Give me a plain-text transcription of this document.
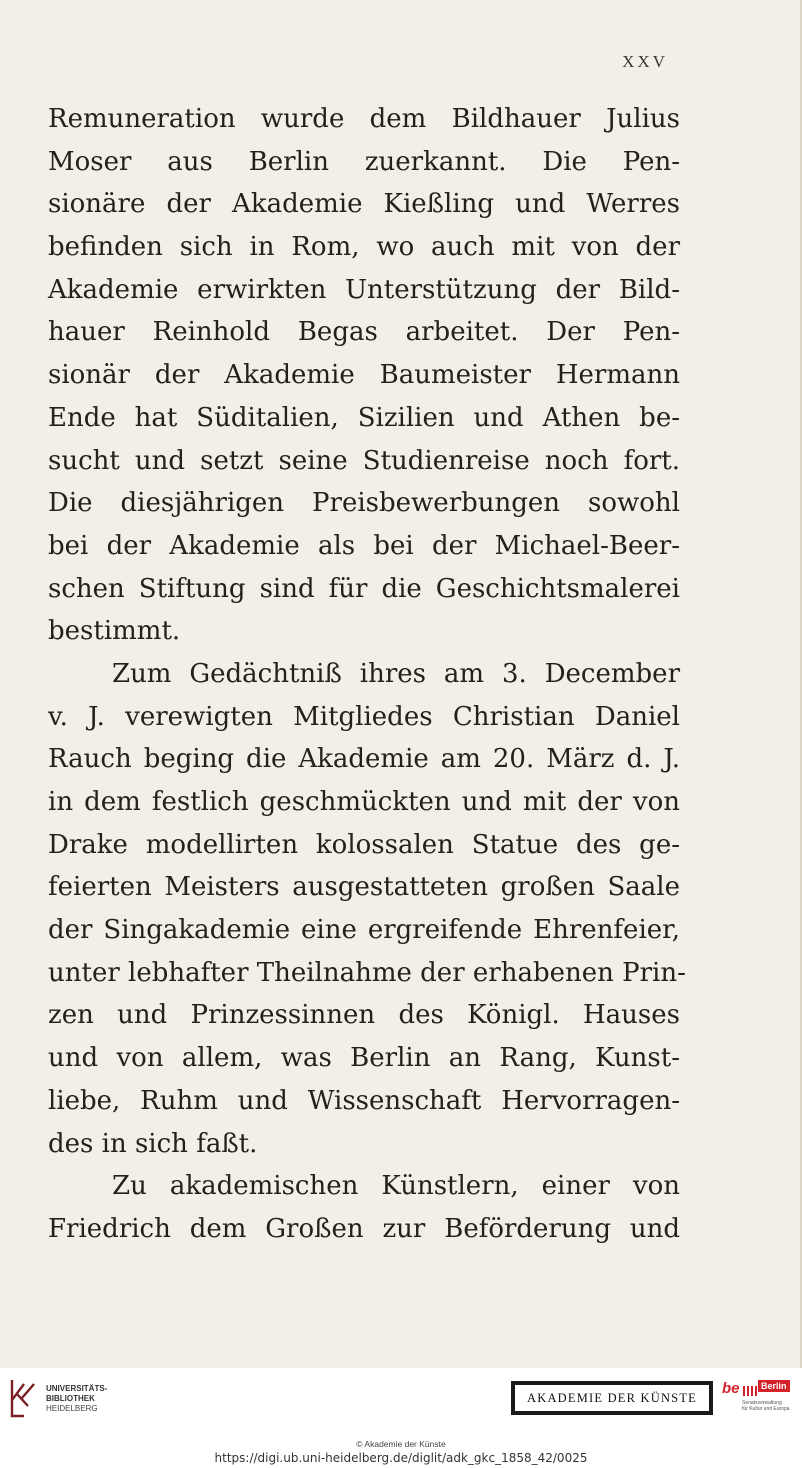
XXV
Remuneration wurde dem Bildhauer Julius
Moser aus Berlin zuerkannt. Die Pen-
sionäre der Akademie Kießling und Werres
befinden sich in Rom, wo auch mit von der
Akademie erwirkten Unterstützung der Bild-
hauer Reinhold Begas arbeitet. Der Pen-
sionär der Akademie Baumeister Hermann
Ende hat Süditalien, Sizilien und Athen be-
sucht und setzt seine Studienreise noch fort.
Die diesjährigen Preisbewerbungen sowohl
bei der Akademie als bei der Michael-Beer-
schen Stiftung sind für die Geschichtsmalerei
bestimmt.
Zum Gedächtniß ihres am 3. December
v. J. verewigten Mitgliedes Christian Daniel
Rauch beging die Akademie am 20. März d. J.
in dem festlich geschmückten und mit der von
Drake modellirten kolossalen Statue des ge-
feierten Meisters ausgestatteten großen Saale
der Singakademie eine ergreifende Ehrenfeier,
unter lebhafter Theilnahme der erhabenen Prin-
zen und Prinzessinnen des Königl. Hauses
und von allem, was Berlin an Rang, Kunst-
liebe, Ruhm und Wissenschaft Hervorragen-
des in sich faßt.
Zu akademischen Künstlern, einer von
Friedrich dem Großen zur Beförderung und
UNIVERSITÄTS-
BIBLIOTHEK
HEIDELBERG
AKADEMIE DER KÜNSTE
be	Berlin
Senatsverwaltung
für Kultur und Europa
© Akademie der Künste
https://digi.ub.uni-heidelberg.de/diglit/adk_gkc_1858_42/0025
